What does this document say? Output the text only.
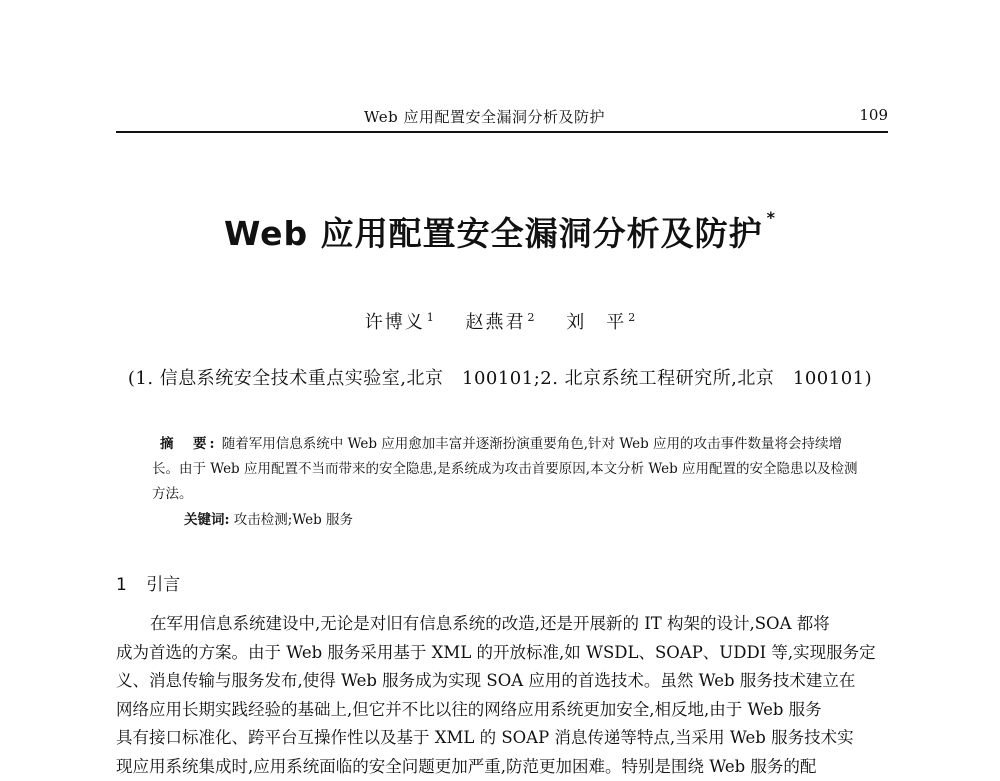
Web 应用配置安全漏洞分析及防护	109
Web 应用配置安全漏洞分析及防护 *
许博义 $^1$ 赵燕君 $^2$ 刘　平 $^2$
(1. 信息系统安全技术重点实验室,北京　100101;2. 北京系统工程研究所,北京　100101)
摘　要: 随着军用信息系统中 Web 应用愈加丰富并逐渐扮演重要角色,针对 Web 应用的攻击事件数量将会持续增长。由于 Web 应用配置不当而带来的安全隐患,是系统成为攻击首要原因,本文分析 Web 应用配置的安全隐患以及检测方法。
关键词: 攻击检测;Web 服务
1 引言
在军用信息系统建设中,无论是对旧有信息系统的改造,还是开展新的 IT 构架的设计,SOA 都将
成为首选的方案。由于 Web 服务采用基于 XML 的开放标准,如 WSDL、SOAP、UDDI 等,实现服务定
义、消息传输与服务发布,使得 Web 服务成为实现 SOA 应用的首选技术。虽然 Web 服务技术建立在
网络应用长期实践经验的基础上,但它并不比以往的网络应用系统更加安全,相反地,由于 Web 服务
具有接口标准化、跨平台互操作性以及基于 XML 的 SOAP 消息传递等特点,当采用 Web 服务技术实
现应用系统集成时,应用系统面临的安全问题更加严重,防范更加困难。特别是围绕 Web 服务的配
